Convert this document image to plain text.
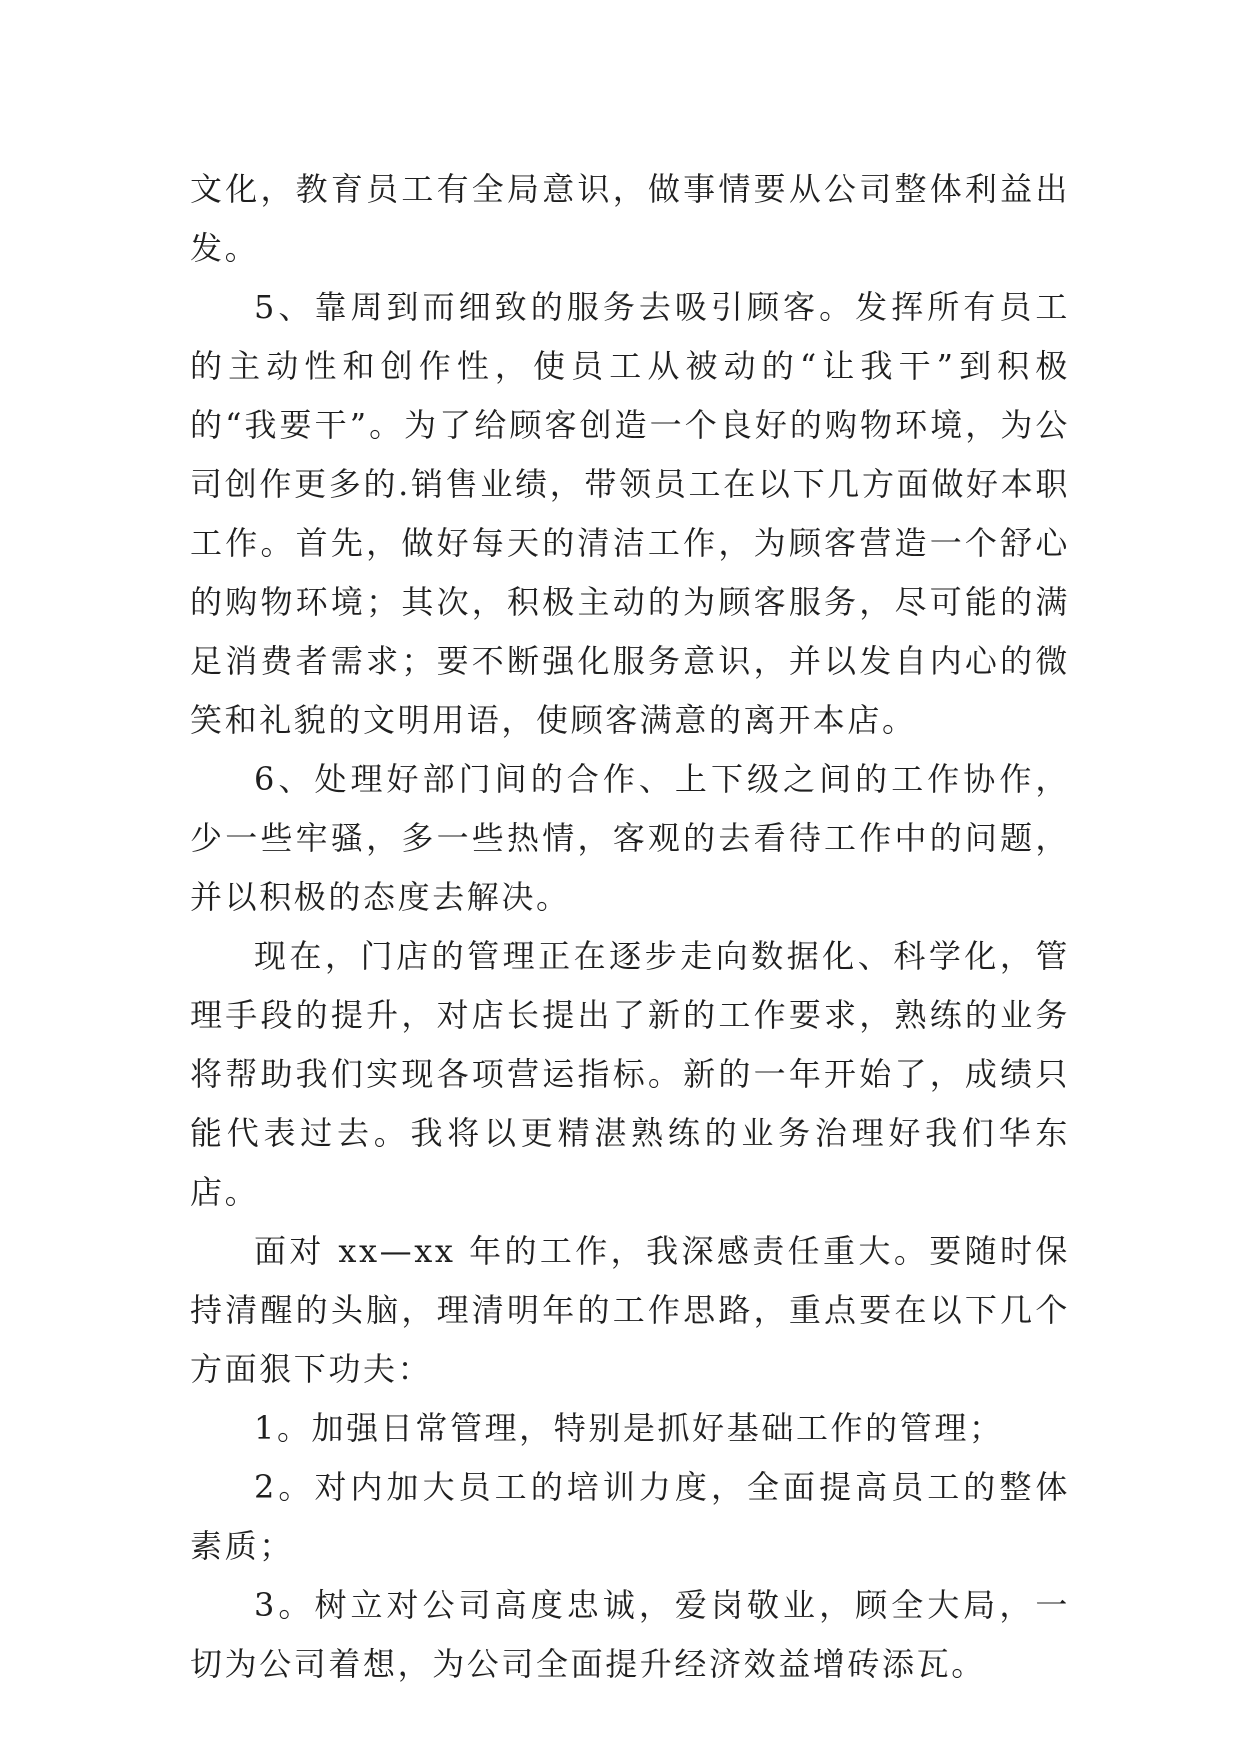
文化，教育员工有全局意识，做事情要从公司整体利益出发。

5、靠周到而细致的服务去吸引顾客。发挥所有员工的主动性和创作性，使员工从被动的“让我干”到积极的“我要干”。为了给顾客创造一个良好的购物环境，为公司创作更多的.销售业绩，带领员工在以下几方面做好本职工作。首先，做好每天的清洁工作，为顾客营造一个舒心的购物环境；其次，积极主动的为顾客服务，尽可能的满足消费者需求；要不断强化服务意识，并以发自内心的微笑和礼貌的文明用语，使顾客满意的离开本店。

6、处理好部门间的合作、上下级之间的工作协作，少一些牢骚，多一些热情，客观的去看待工作中的问题，并以积极的态度去解决。

现在，门店的管理正在逐步走向数据化、科学化，管理手段的提升，对店长提出了新的工作要求，熟练的业务将帮助我们实现各项营运指标。新的一年开始了，成绩只能代表过去。我将以更精湛熟练的业务治理好我们华东店。

面对 xx—xx 年的工作，我深感责任重大。要随时保持清醒的头脑，理清明年的工作思路，重点要在以下几个方面狠下功夫：

1。加强日常管理，特别是抓好基础工作的管理；

2。对内加大员工的培训力度，全面提高员工的整体素质；

3。树立对公司高度忠诚，爱岗敬业，顾全大局，一切为公司着想，为公司全面提升经济效益增砖添瓦。
